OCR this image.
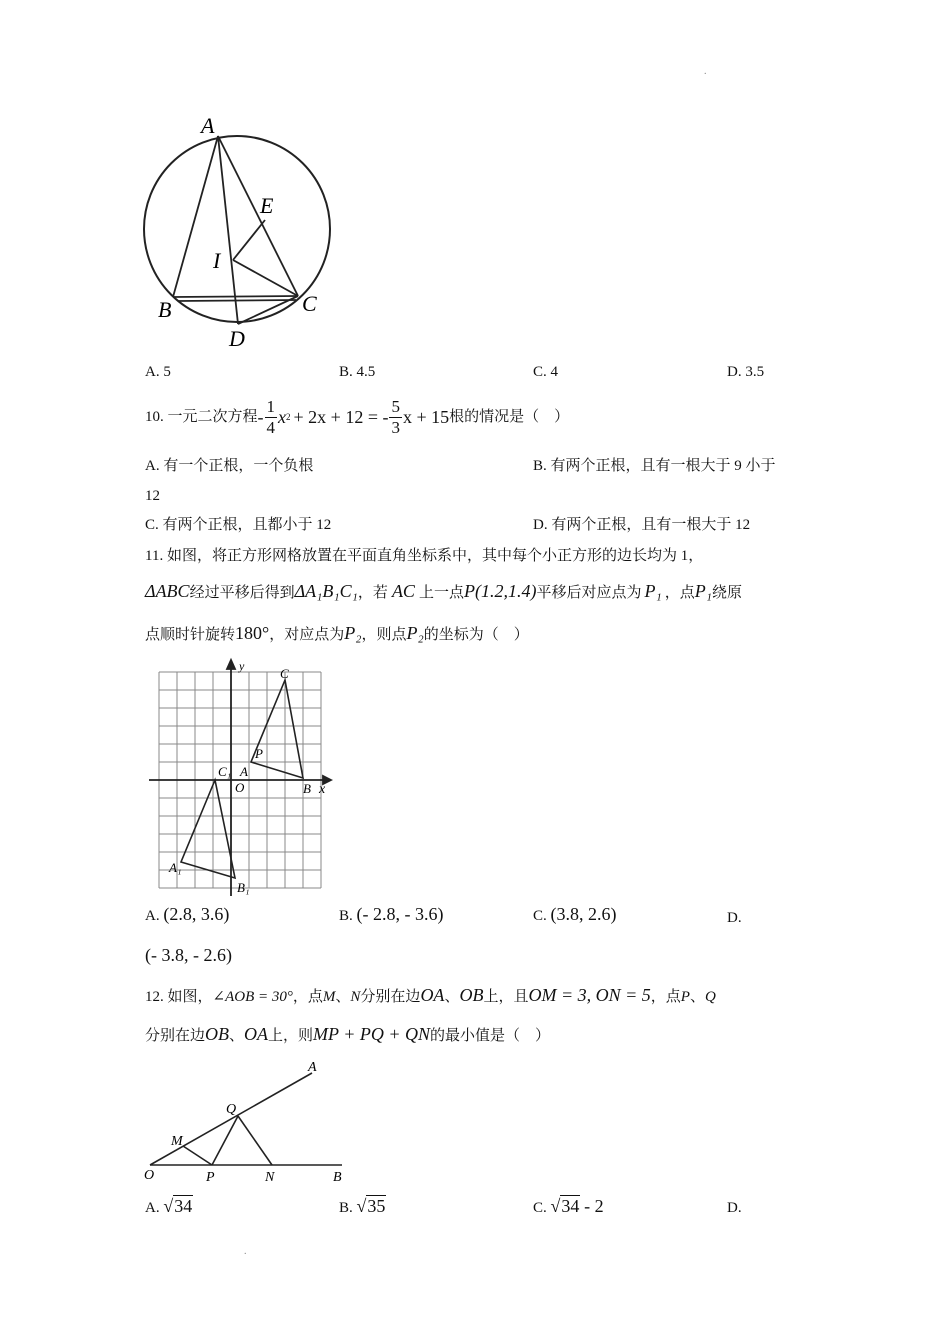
.
.
A
B	C
D
E
I
A. 5	B. 4.5	C. 4	D. 3.5
10. 一元二次方程 - $\frac{1}{4}$ x 2 + 2x + 12 = - $\frac{5}{3}$ x + 15 根的情况是（　）
A. 有一个正根，一个负根	B. 有两个正根，且有一根大于 9 小于
12
C. 有两个正根，且都小于 12	D. 有两个正根，且有一根大于 12
11. 如图，将正方形网格放置在平面直角坐标系中，其中每个小正方形的边长均为 1，
ΔABC经过平移后得到ΔA₁B₁C₁，若 AC 上一点P(1.2,1.4)平移后对应点为 P₁ ，点P₁绕原
点顺时针旋转180°，对应点为P₂，则点P₂的坐标为（　）
y
x
C
P
A
C₁
O	B
A₁
B₁
A. (2.8, 3.6)	B. (- 2.8, - 3.6)	C. (3.8, 2.6)	D.
(- 3.8, - 2.6)
12. 如图，∠AOB = 30°，点M、N分别在边OA、OB上，且OM = 3, ON = 5，点P、Q
分别在边OB、OA上，则MP + PQ + QN的最小值是（　）
A
Q
M
O	P	N	B
A. √34	B. √35	C. √34 - 2	D.
